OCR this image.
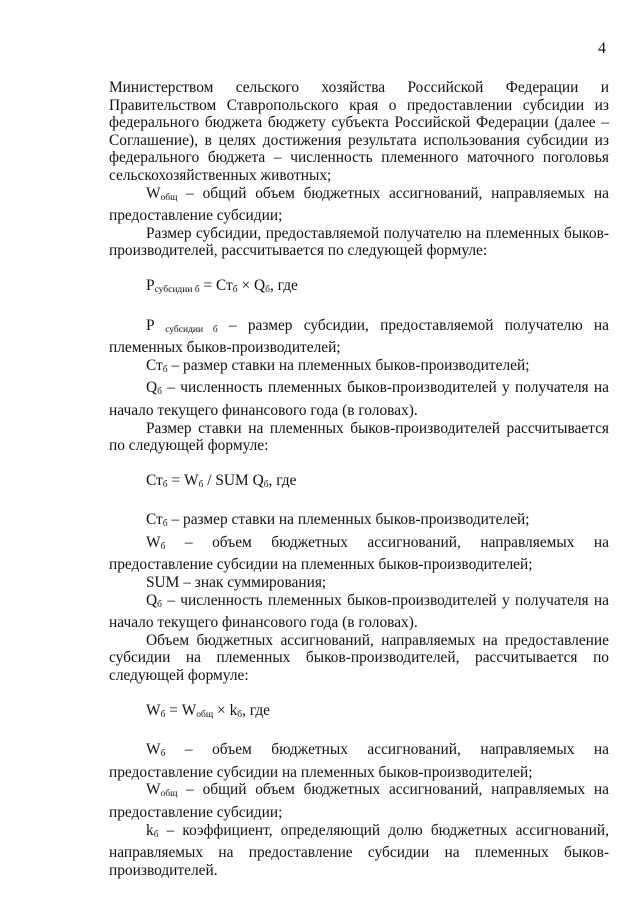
4

Министерством сельского хозяйства Российской Федерации и Правительством Ставропольского края о предоставлении субсидии из федерального бюджета бюджету субъекта Российской Федерации (далее – Соглашение), в целях достижения результата использования субсидии из федерального бюджета – численность племенного маточного поголовья сельскохозяйственных животных;

$W_{общ}$ – общий объем бюджетных ассигнований, направляемых на предоставление субсидии;

Размер субсидии, предоставляемой получателю на племенных быков-производителей, рассчитывается по следующей формуле:

$P_{субсидии б} = Ст_б \times Q_б$, где

P $_{субсидии б}$ – размер субсидии, предоставляемой получателю на племенных быков-производителей;

$Ст_б$ – размер ставки на племенных быков-производителей;

$Q_б$ – численность племенных быков-производителей у получателя на начало текущего финансового года (в головах).

Размер ставки на племенных быков-производителей рассчитывается по следующей формуле:

$Ст_б = W_б$ / SUM $Q_б$, где

$Ст_б$ – размер ставки на племенных быков-производителей;

$W_б$ – объем бюджетных ассигнований, направляемых на предоставление субсидии на племенных быков-производителей;

SUM – знак суммирования;

$Q_б$ – численность племенных быков-производителей у получателя на начало текущего финансового года (в головах).

Объем бюджетных ассигнований, направляемых на предоставление субсидии на племенных быков-производителей, рассчитывается по следующей формуле:

$W_б = W_{общ} \times k_б$, где

$W_б$ – объем бюджетных ассигнований, направляемых на предоставление субсидии на племенных быков-производителей;

$W_{общ}$ – общий объем бюджетных ассигнований, направляемых на предоставление субсидии;

$k_б$ – коэффициент, определяющий долю бюджетных ассигнований, направляемых на предоставление субсидии на племенных быков-производителей.
